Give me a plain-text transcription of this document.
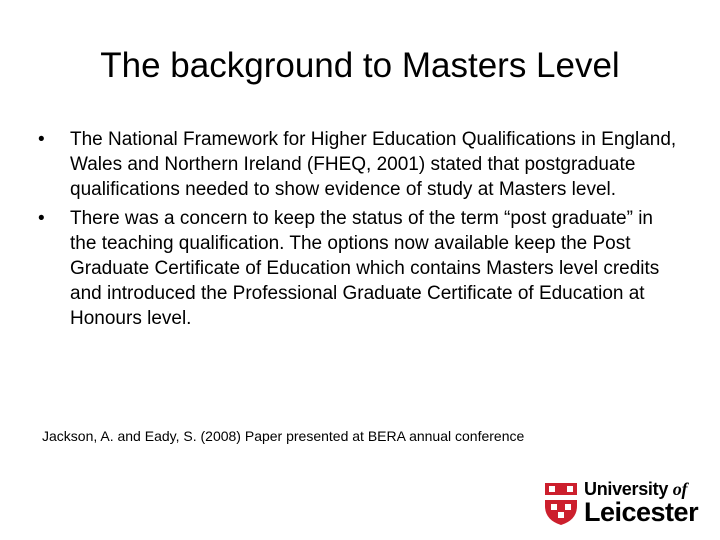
The background to Masters Level
• The National Framework for Higher Education Qualifications in England, Wales and Northern Ireland (FHEQ, 2001) stated that postgraduate qualifications needed to show evidence of study at Masters level.
• There was a concern to keep the status of the term “post graduate” in the teaching qualification. The options now available keep the Post Graduate Certificate of Education which contains Masters level credits and introduced the Professional Graduate Certificate of Education at Honours level.

Jackson, A. and Eady, S. (2008) Paper presented at BERA annual conference

University of
Leicester
